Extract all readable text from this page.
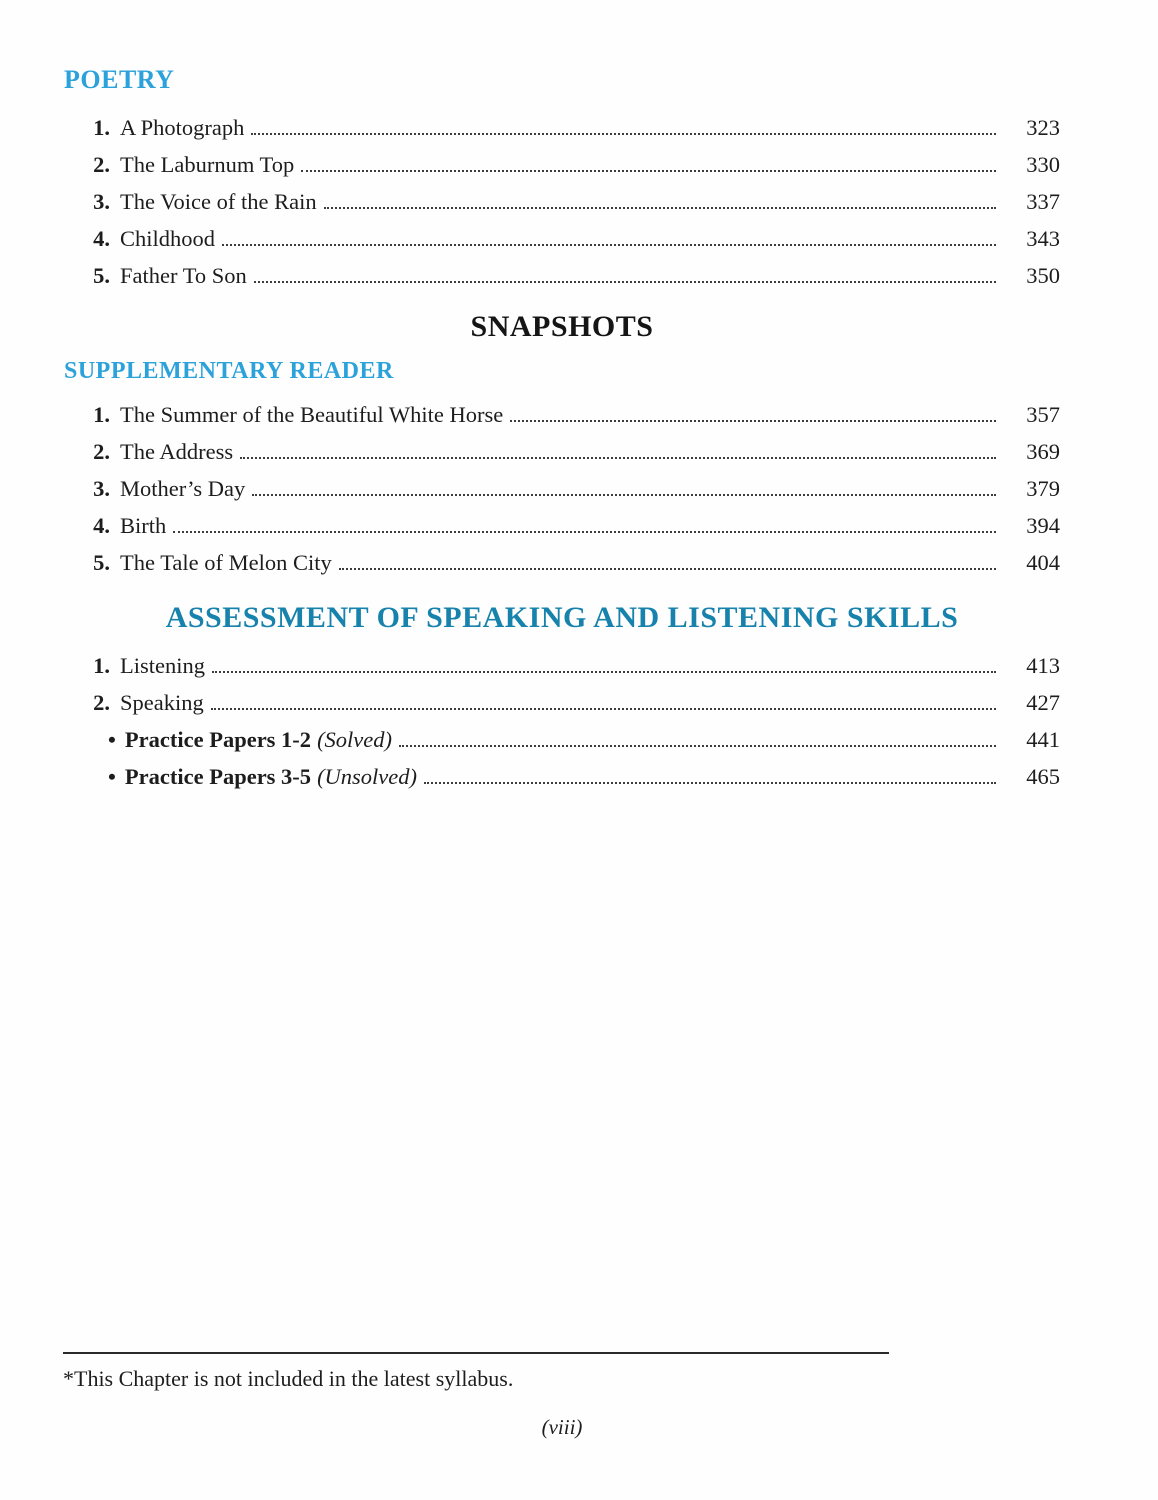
POETRY
1. A Photograph	323
2. The Laburnum Top	330
3. The Voice of the Rain	337
4. Childhood	343
5. Father To Son	350
SNAPSHOTS
SUPPLEMENTARY READER
1. The Summer of the Beautiful White Horse	357
2. The Address	369
3. Mother’s Day	379
4. Birth	394
5. The Tale of Melon City	404
ASSESSMENT OF SPEAKING AND LISTENING SKILLS
1. Listening	413
2. Speaking	427
• Practice Papers 1-2 (Solved)	441
• Practice Papers 3-5 (Unsolved)	465
*This Chapter is not included in the latest syllabus.
(viii)
